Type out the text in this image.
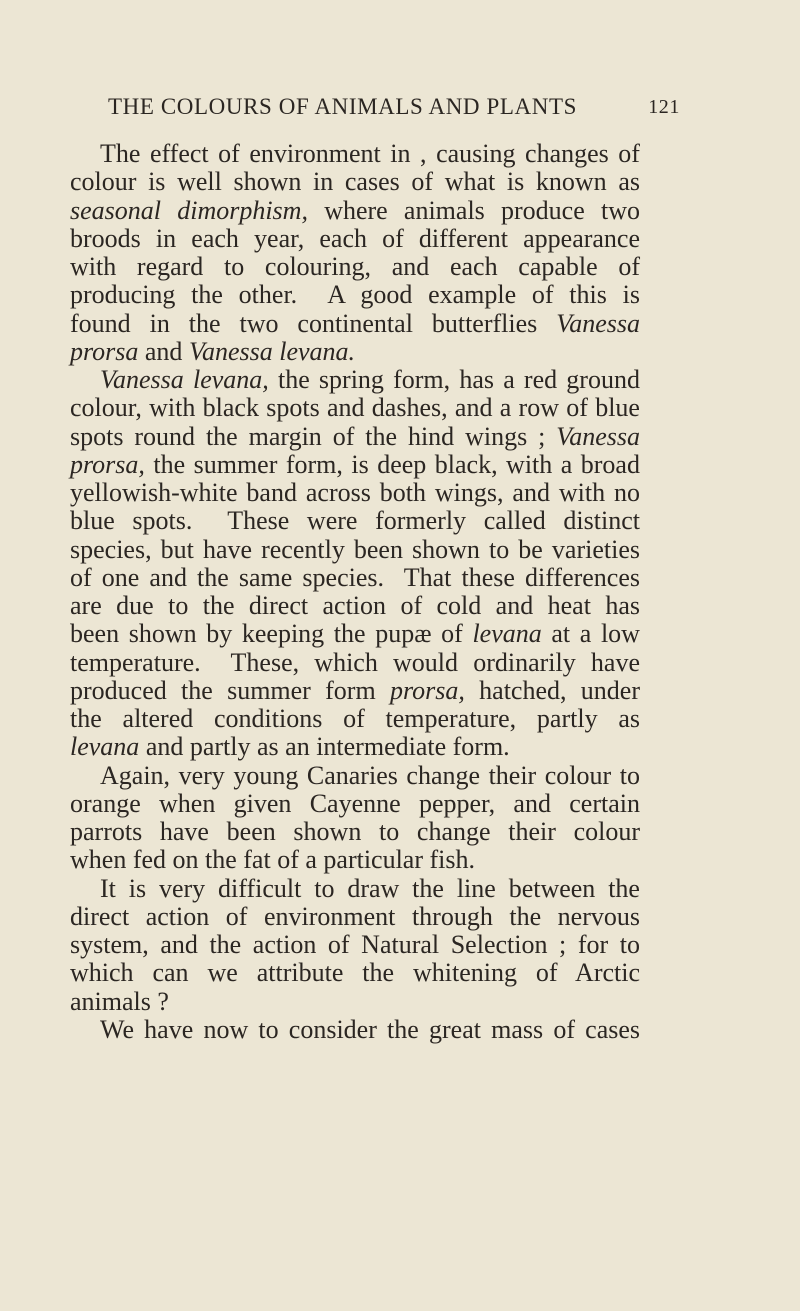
THE COLOURS OF ANIMALS AND PLANTS	121
The effect of environment in , causing changes of
colour is well shown in cases of what is known as
seasonal dimorphism, where animals produce two
broods in each year, each of different appearance
with regard to colouring, and each capable of
producing the other.  A good example of this is
found in the two continental butterflies Vanessa
prorsa and Vanessa levana.
Vanessa levana, the spring form, has a red ground
colour, with black spots and dashes, and a row of blue
spots round the margin of the hind wings ; Vanessa
prorsa, the summer form, is deep black, with a broad
yellowish-white band across both wings, and with no
blue spots.  These were formerly called distinct
species, but have recently been shown to be varieties
of one and the same species.  That these differences
are due to the direct action of cold and heat has
been shown by keeping the pupæ of levana at a low
temperature.  These, which would ordinarily have
produced the summer form prorsa, hatched, under
the altered conditions of temperature, partly as
levana and partly as an intermediate form.
Again, very young Canaries change their colour to
orange when given Cayenne pepper, and certain
parrots have been shown to change their colour
when fed on the fat of a particular fish.
It is very difficult to draw the line between the
direct action of environment through the nervous
system, and the action of Natural Selection ; for to
which can we attribute the whitening of Arctic
animals ?
We have now to consider the great mass of cases
